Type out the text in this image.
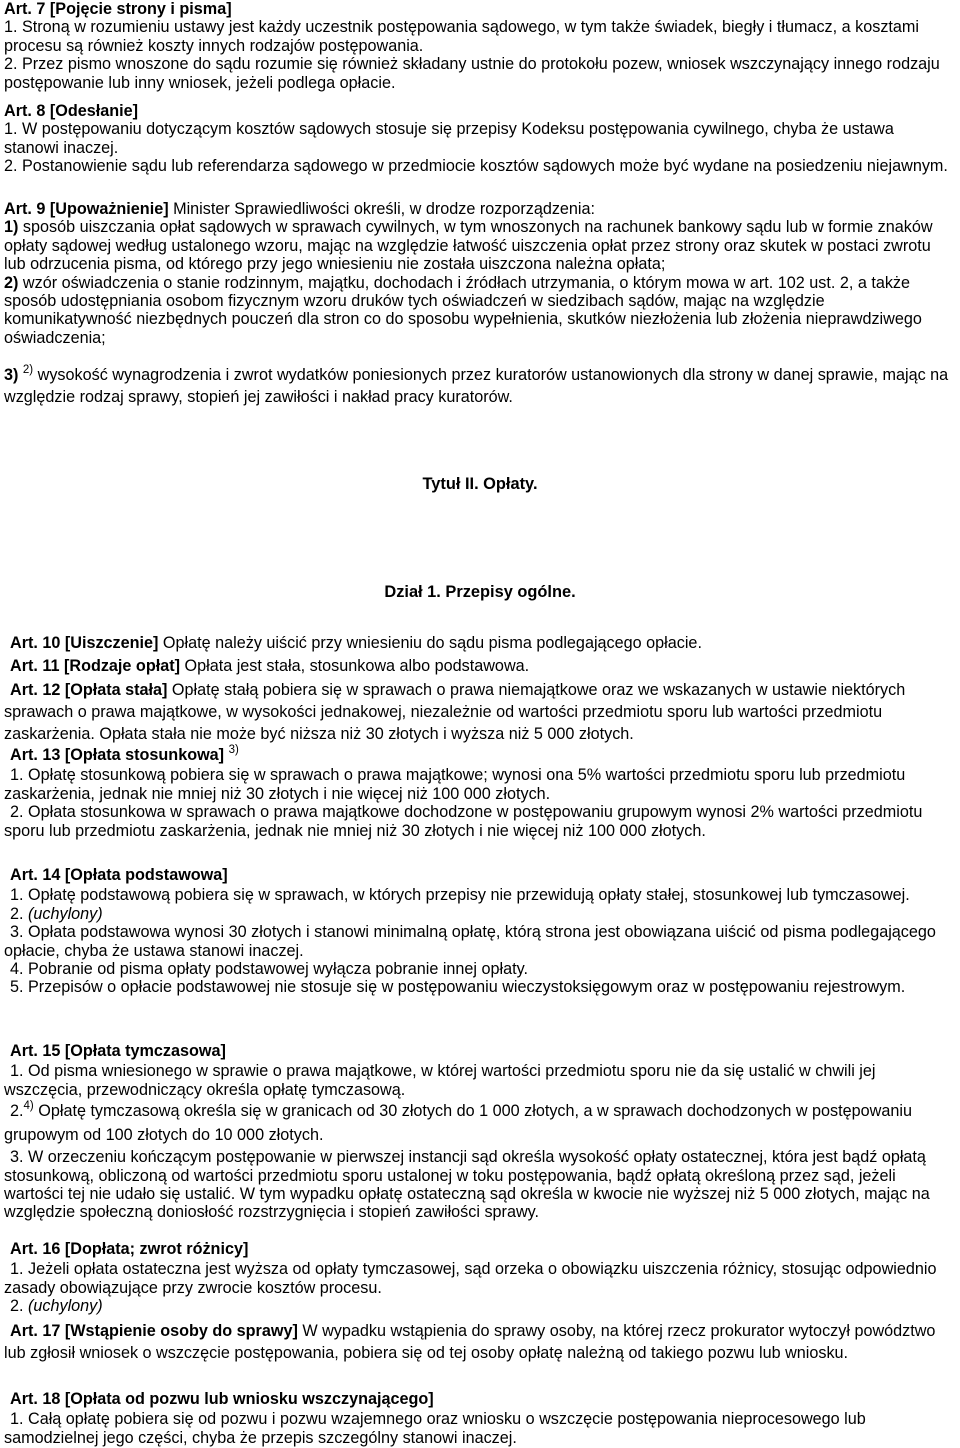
Art. 7 [Pojęcie strony i pisma]

1. Stroną w rozumieniu ustawy jest każdy uczestnik postępowania sądowego, w tym także świadek, biegły i tłumacz, a kosztami procesu są również koszty innych rodzajów postępowania.

2. Przez pismo wnoszone do sądu rozumie się również składany ustnie do protokołu pozew, wniosek wszczynający innego rodzaju postępowanie lub inny wniosek, jeżeli podlega opłacie.

Art. 8 [Odesłanie]

1. W postępowaniu dotyczącym kosztów sądowych stosuje się przepisy Kodeksu postępowania cywilnego, chyba że ustawa stanowi inaczej.

2. Postanowienie sądu lub referendarza sądowego w przedmiocie kosztów sądowych może być wydane na posiedzeniu niejawnym.

Art. 9 [Upoważnienie] Minister Sprawiedliwości określi, w drodze rozporządzenia:

1) sposób uiszczania opłat sądowych w sprawach cywilnych, w tym wnoszonych na rachunek bankowy sądu lub w formie znaków opłaty sądowej według ustalonego wzoru, mając na względzie łatwość uiszczenia opłat przez strony oraz skutek w postaci zwrotu lub odrzucenia pisma, od którego przy jego wniesieniu nie została uiszczona należna opłata;

2) wzór oświadczenia o stanie rodzinnym, majątku, dochodach i źródłach utrzymania, o którym mowa w art. 102 ust. 2, a także sposób udostępniania osobom fizycznym wzoru druków tych oświadczeń w siedzibach sądów, mając na względzie komunikatywność niezbędnych pouczeń dla stron co do sposobu wypełnienia, skutków niezłożenia lub złożenia nieprawdziwego oświadczenia;

3) $^{2)}$ wysokość wynagrodzenia i zwrot wydatków poniesionych przez kuratorów ustanowionych dla strony w danej sprawie, mając na względzie rodzaj sprawy, stopień jej zawiłości i nakład pracy kuratorów.

Tytuł II. Opłaty.
Dział 1. Przepisy ogólne.

Art. 10 [Uiszczenie] Opłatę należy uiścić przy wniesieniu do sądu pisma podlegającego opłacie.

Art. 11 [Rodzaje opłat] Opłata jest stała, stosunkowa albo podstawowa.

Art. 12 [Opłata stała] Opłatę stałą pobiera się w sprawach o prawa niemajątkowe oraz we wskazanych w ustawie niektórych sprawach o prawa majątkowe, w wysokości jednakowej, niezależnie od wartości przedmiotu sporu lub wartości przedmiotu zaskarżenia. Opłata stała nie może być niższa niż 30 złotych i wyższa niż 5 000 złotych.

Art. 13 [Opłata stosunkowa] $^{3)}$

1. Opłatę stosunkową pobiera się w sprawach o prawa majątkowe; wynosi ona 5% wartości przedmiotu sporu lub przedmiotu zaskarżenia, jednak nie mniej niż 30 złotych i nie więcej niż 100 000 złotych.

2. Opłata stosunkowa w sprawach o prawa majątkowe dochodzone w postępowaniu grupowym wynosi 2% wartości przedmiotu sporu lub przedmiotu zaskarżenia, jednak nie mniej niż 30 złotych i nie więcej niż 100 000 złotych.

Art. 14 [Opłata podstawowa]

1. Opłatę podstawową pobiera się w sprawach, w których przepisy nie przewidują opłaty stałej, stosunkowej lub tymczasowej.

2. (uchylony)

3. Opłata podstawowa wynosi 30 złotych i stanowi minimalną opłatę, którą strona jest obowiązana uiścić od pisma podlegającego opłacie, chyba że ustawa stanowi inaczej.

4. Pobranie od pisma opłaty podstawowej wyłącza pobranie innej opłaty.

5. Przepisów o opłacie podstawowej nie stosuje się w postępowaniu wieczystoksięgowym oraz w postępowaniu rejestrowym.

Art. 15 [Opłata tymczasowa]

1. Od pisma wniesionego w sprawie o prawa majątkowe, w której wartości przedmiotu sporu nie da się ustalić w chwili jej wszczęcia, przewodniczący określa opłatę tymczasową.

2.$^{4)}$ Opłatę tymczasową określa się w granicach od 30 złotych do 1 000 złotych, a w sprawach dochodzonych w postępowaniu grupowym od 100 złotych do 10 000 złotych.

3. W orzeczeniu kończącym postępowanie w pierwszej instancji sąd określa wysokość opłaty ostatecznej, która jest bądź opłatą stosunkową, obliczoną od wartości przedmiotu sporu ustalonej w toku postępowania, bądź opłatą określoną przez sąd, jeżeli wartości tej nie udało się ustalić. W tym wypadku opłatę ostateczną sąd określa w kwocie nie wyższej niż 5 000 złotych, mając na względzie społeczną doniosłość rozstrzygnięcia i stopień zawiłości sprawy.

Art. 16 [Dopłata; zwrot różnicy]

1. Jeżeli opłata ostateczna jest wyższa od opłaty tymczasowej, sąd orzeka o obowiązku uiszczenia różnicy, stosując odpowiednio zasady obowiązujące przy zwrocie kosztów procesu.

2. (uchylony)

Art. 17 [Wstąpienie osoby do sprawy] W wypadku wstąpienia do sprawy osoby, na której rzecz prokurator wytoczył powództwo lub zgłosił wniosek o wszczęcie postępowania, pobiera się od tej osoby opłatę należną od takiego pozwu lub wniosku.

Art. 18 [Opłata od pozwu lub wniosku wszczynającego]

1. Całą opłatę pobiera się od pozwu i pozwu wzajemnego oraz wniosku o wszczęcie postępowania nieprocesowego lub samodzielnej jego części, chyba że przepis szczególny stanowi inaczej.
